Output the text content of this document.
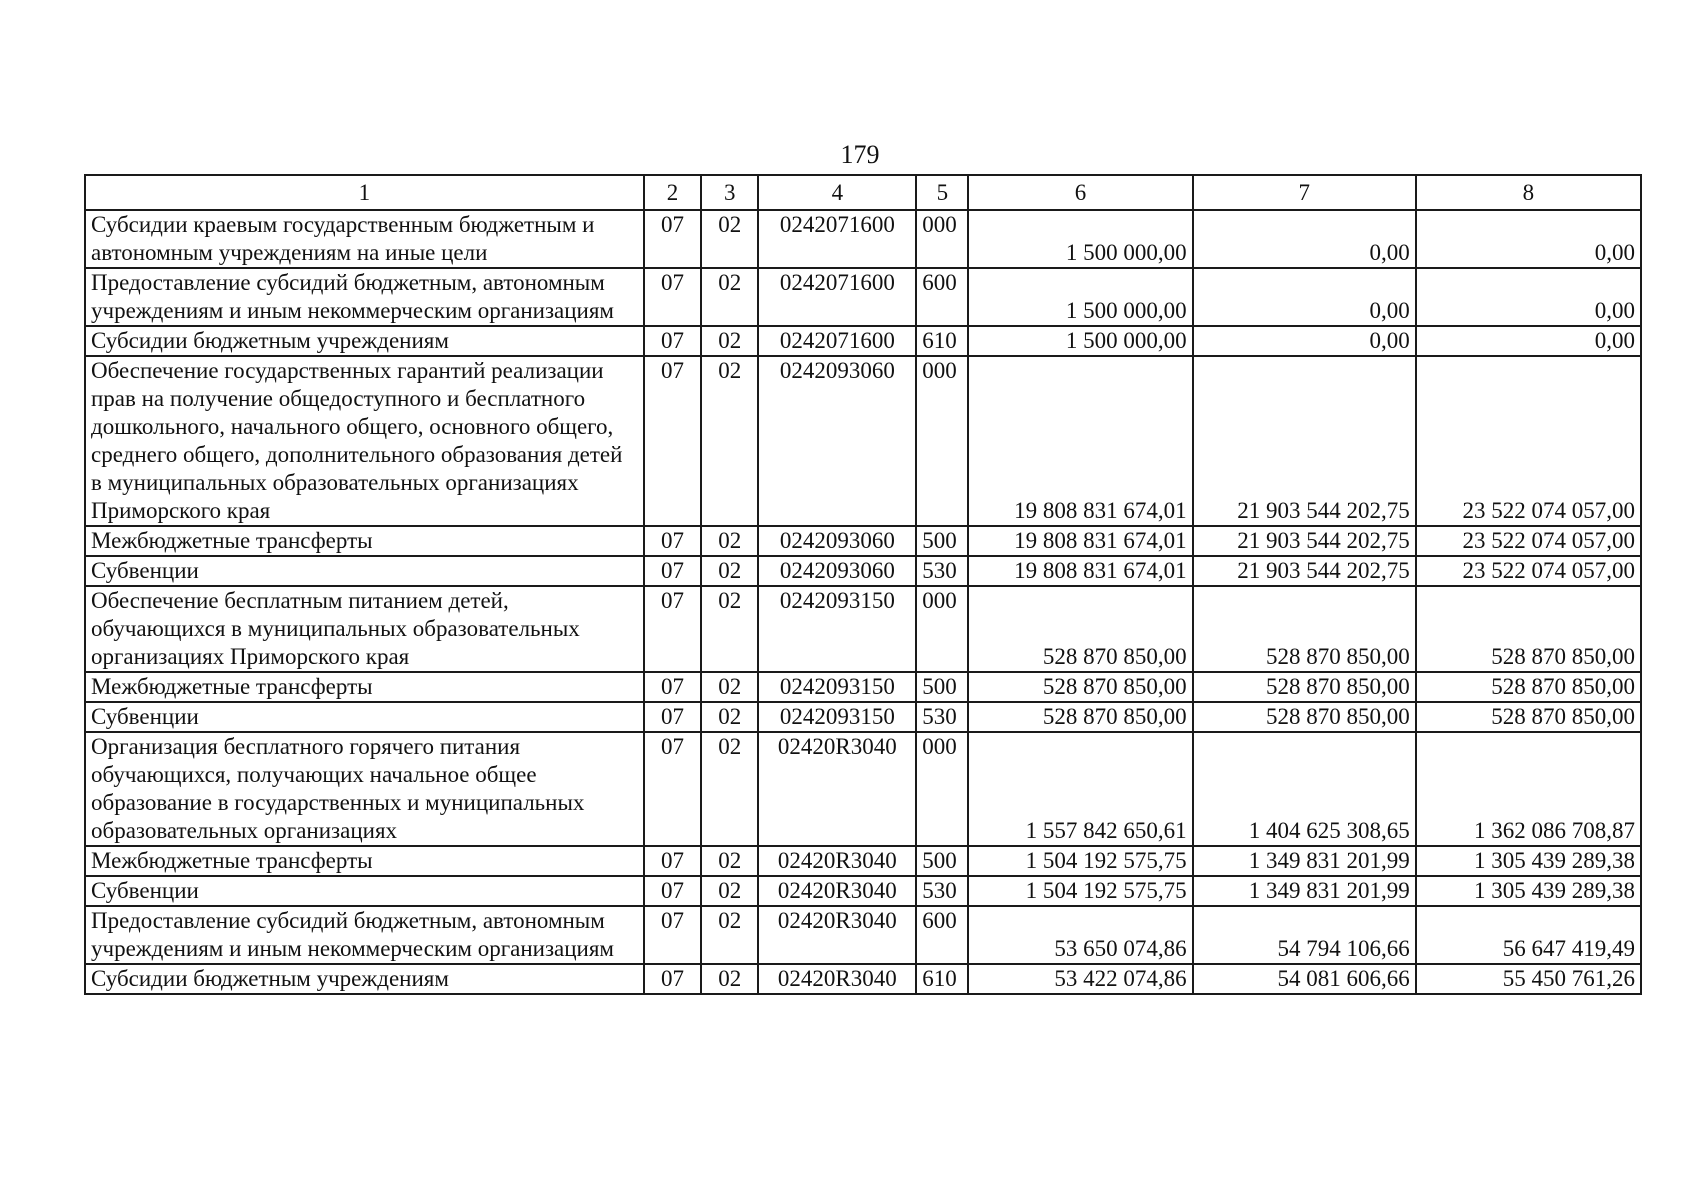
179
1	2	3	4	5	6	7	8
Субсидии краевым государственным бюджетным и автономным учреждениям на иные цели	07	02	0242071600	000	1 500 000,00	0,00	0,00
Предоставление субсидий бюджетным, автономным учреждениям и иным некоммерческим организациям	07	02	0242071600	600	1 500 000,00	0,00	0,00
Субсидии бюджетным учреждениям	07	02	0242071600	610	1 500 000,00	0,00	0,00
Обеспечение государственных гарантий реализации прав на получение общедоступного и бесплатного дошкольного, начального общего, основного общего, среднего общего, дополнительного образования детей в муниципальных образовательных организациях Приморского края	07	02	0242093060	000	19 808 831 674,01	21 903 544 202,75	23 522 074 057,00
Межбюджетные трансферты	07	02	0242093060	500	19 808 831 674,01	21 903 544 202,75	23 522 074 057,00
Субвенции	07	02	0242093060	530	19 808 831 674,01	21 903 544 202,75	23 522 074 057,00
Обеспечение бесплатным питанием детей, обучающихся в муниципальных образовательных организациях Приморского края	07	02	0242093150	000	528 870 850,00	528 870 850,00	528 870 850,00
Межбюджетные трансферты	07	02	0242093150	500	528 870 850,00	528 870 850,00	528 870 850,00
Субвенции	07	02	0242093150	530	528 870 850,00	528 870 850,00	528 870 850,00
Организация бесплатного горячего питания обучающихся, получающих начальное общее образование в государственных и муниципальных образовательных организациях	07	02	02420R3040	000	1 557 842 650,61	1 404 625 308,65	1 362 086 708,87
Межбюджетные трансферты	07	02	02420R3040	500	1 504 192 575,75	1 349 831 201,99	1 305 439 289,38
Субвенции	07	02	02420R3040	530	1 504 192 575,75	1 349 831 201,99	1 305 439 289,38
Предоставление субсидий бюджетным, автономным учреждениям и иным некоммерческим организациям	07	02	02420R3040	600	53 650 074,86	54 794 106,66	56 647 419,49
Субсидии бюджетным учреждениям	07	02	02420R3040	610	53 422 074,86	54 081 606,66	55 450 761,26
